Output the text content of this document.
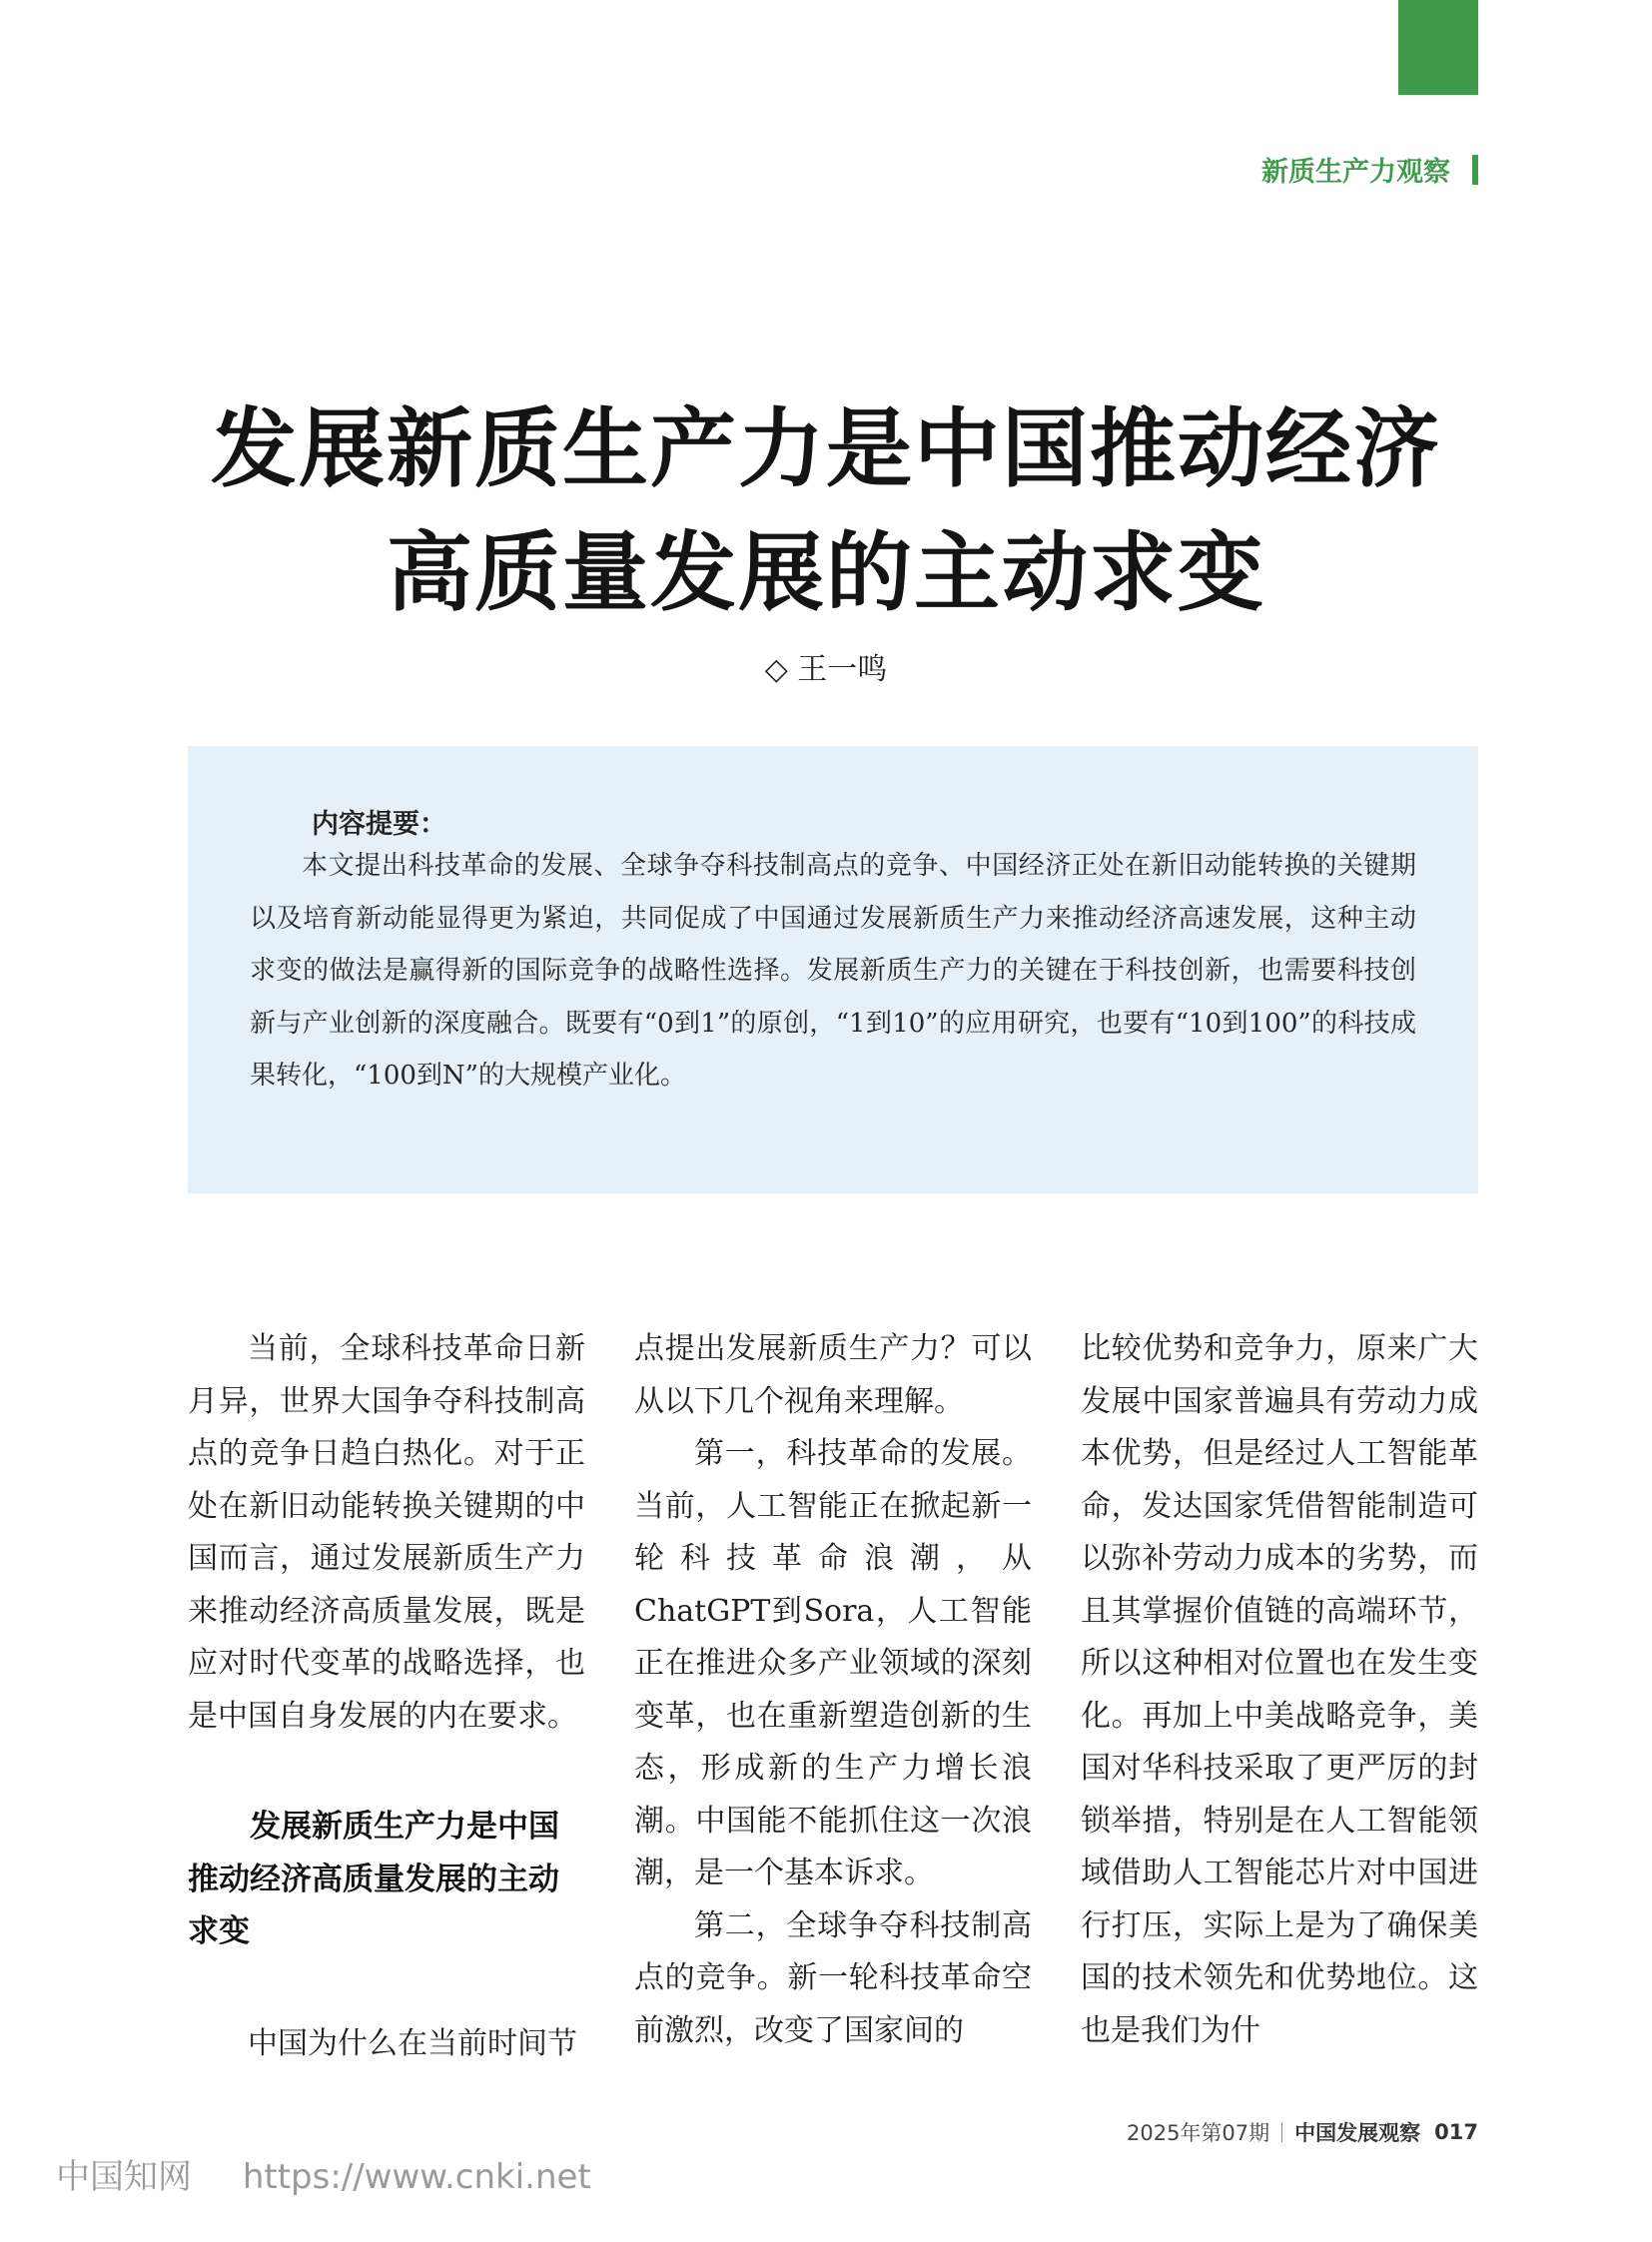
新质生产力观察
发展新质生产力是中国推动经济
高质量发展的主动求变
◇ 王一鸣
内容提要：
本文提出科技革命的发展、全球争夺科技制高点的竞争、中国经济正处在新旧动能转换的关键期以及培育新动能显得更为紧迫，共同促成了中国通过发展新质生产力来推动经济高速发展，这种主动求变的做法是赢得新的国际竞争的战略性选择。发展新质生产力的关键在于科技创新，也需要科技创新与产业创新的深度融合。既要有“0到1”的原创，“1到10”的应用研究，也要有“10到100”的科技成果转化，“100到N”的大规模产业化。

当前，全球科技革命日新月异，世界大国争夺科技制高点的竞争日趋白热化。对于正处在新旧动能转换关键期的中国而言，通过发展新质生产力来推动经济高质量发展，既是应对时代变革的战略选择，也是中国自身发展的内在要求。

发展新质生产力是中国推动经济高质量发展的主动求变

中国为什么在当前时间节

点提出发展新质生产力？可以从以下几个视角来理解。

第一，科技革命的发展。当前，人工智能正在掀起新一轮科技革命浪潮，从ChatGPT到Sora，人工智能正在推进众多产业领域的深刻变革，也在重新塑造创新的生态，形成新的生产力增长浪潮。中国能不能抓住这一次浪潮，是一个基本诉求。

第二，全球争夺科技制高点的竞争。新一轮科技革命空前激烈，改变了国家间的

比较优势和竞争力，原来广大发展中国家普遍具有劳动力成本优势，但是经过人工智能革命，发达国家凭借智能制造可以弥补劳动力成本的劣势，而且其掌握价值链的高端环节，所以这种相对位置也在发生变化。再加上中美战略竞争，美国对华科技采取了更严厉的封锁举措，特别是在人工智能领域借助人工智能芯片对中国进行打压，实际上是为了确保美国的技术领先和优势地位。这也是我们为什

2025年第07期 中国发展观察 017
中国知网 https://www.cnki.net
